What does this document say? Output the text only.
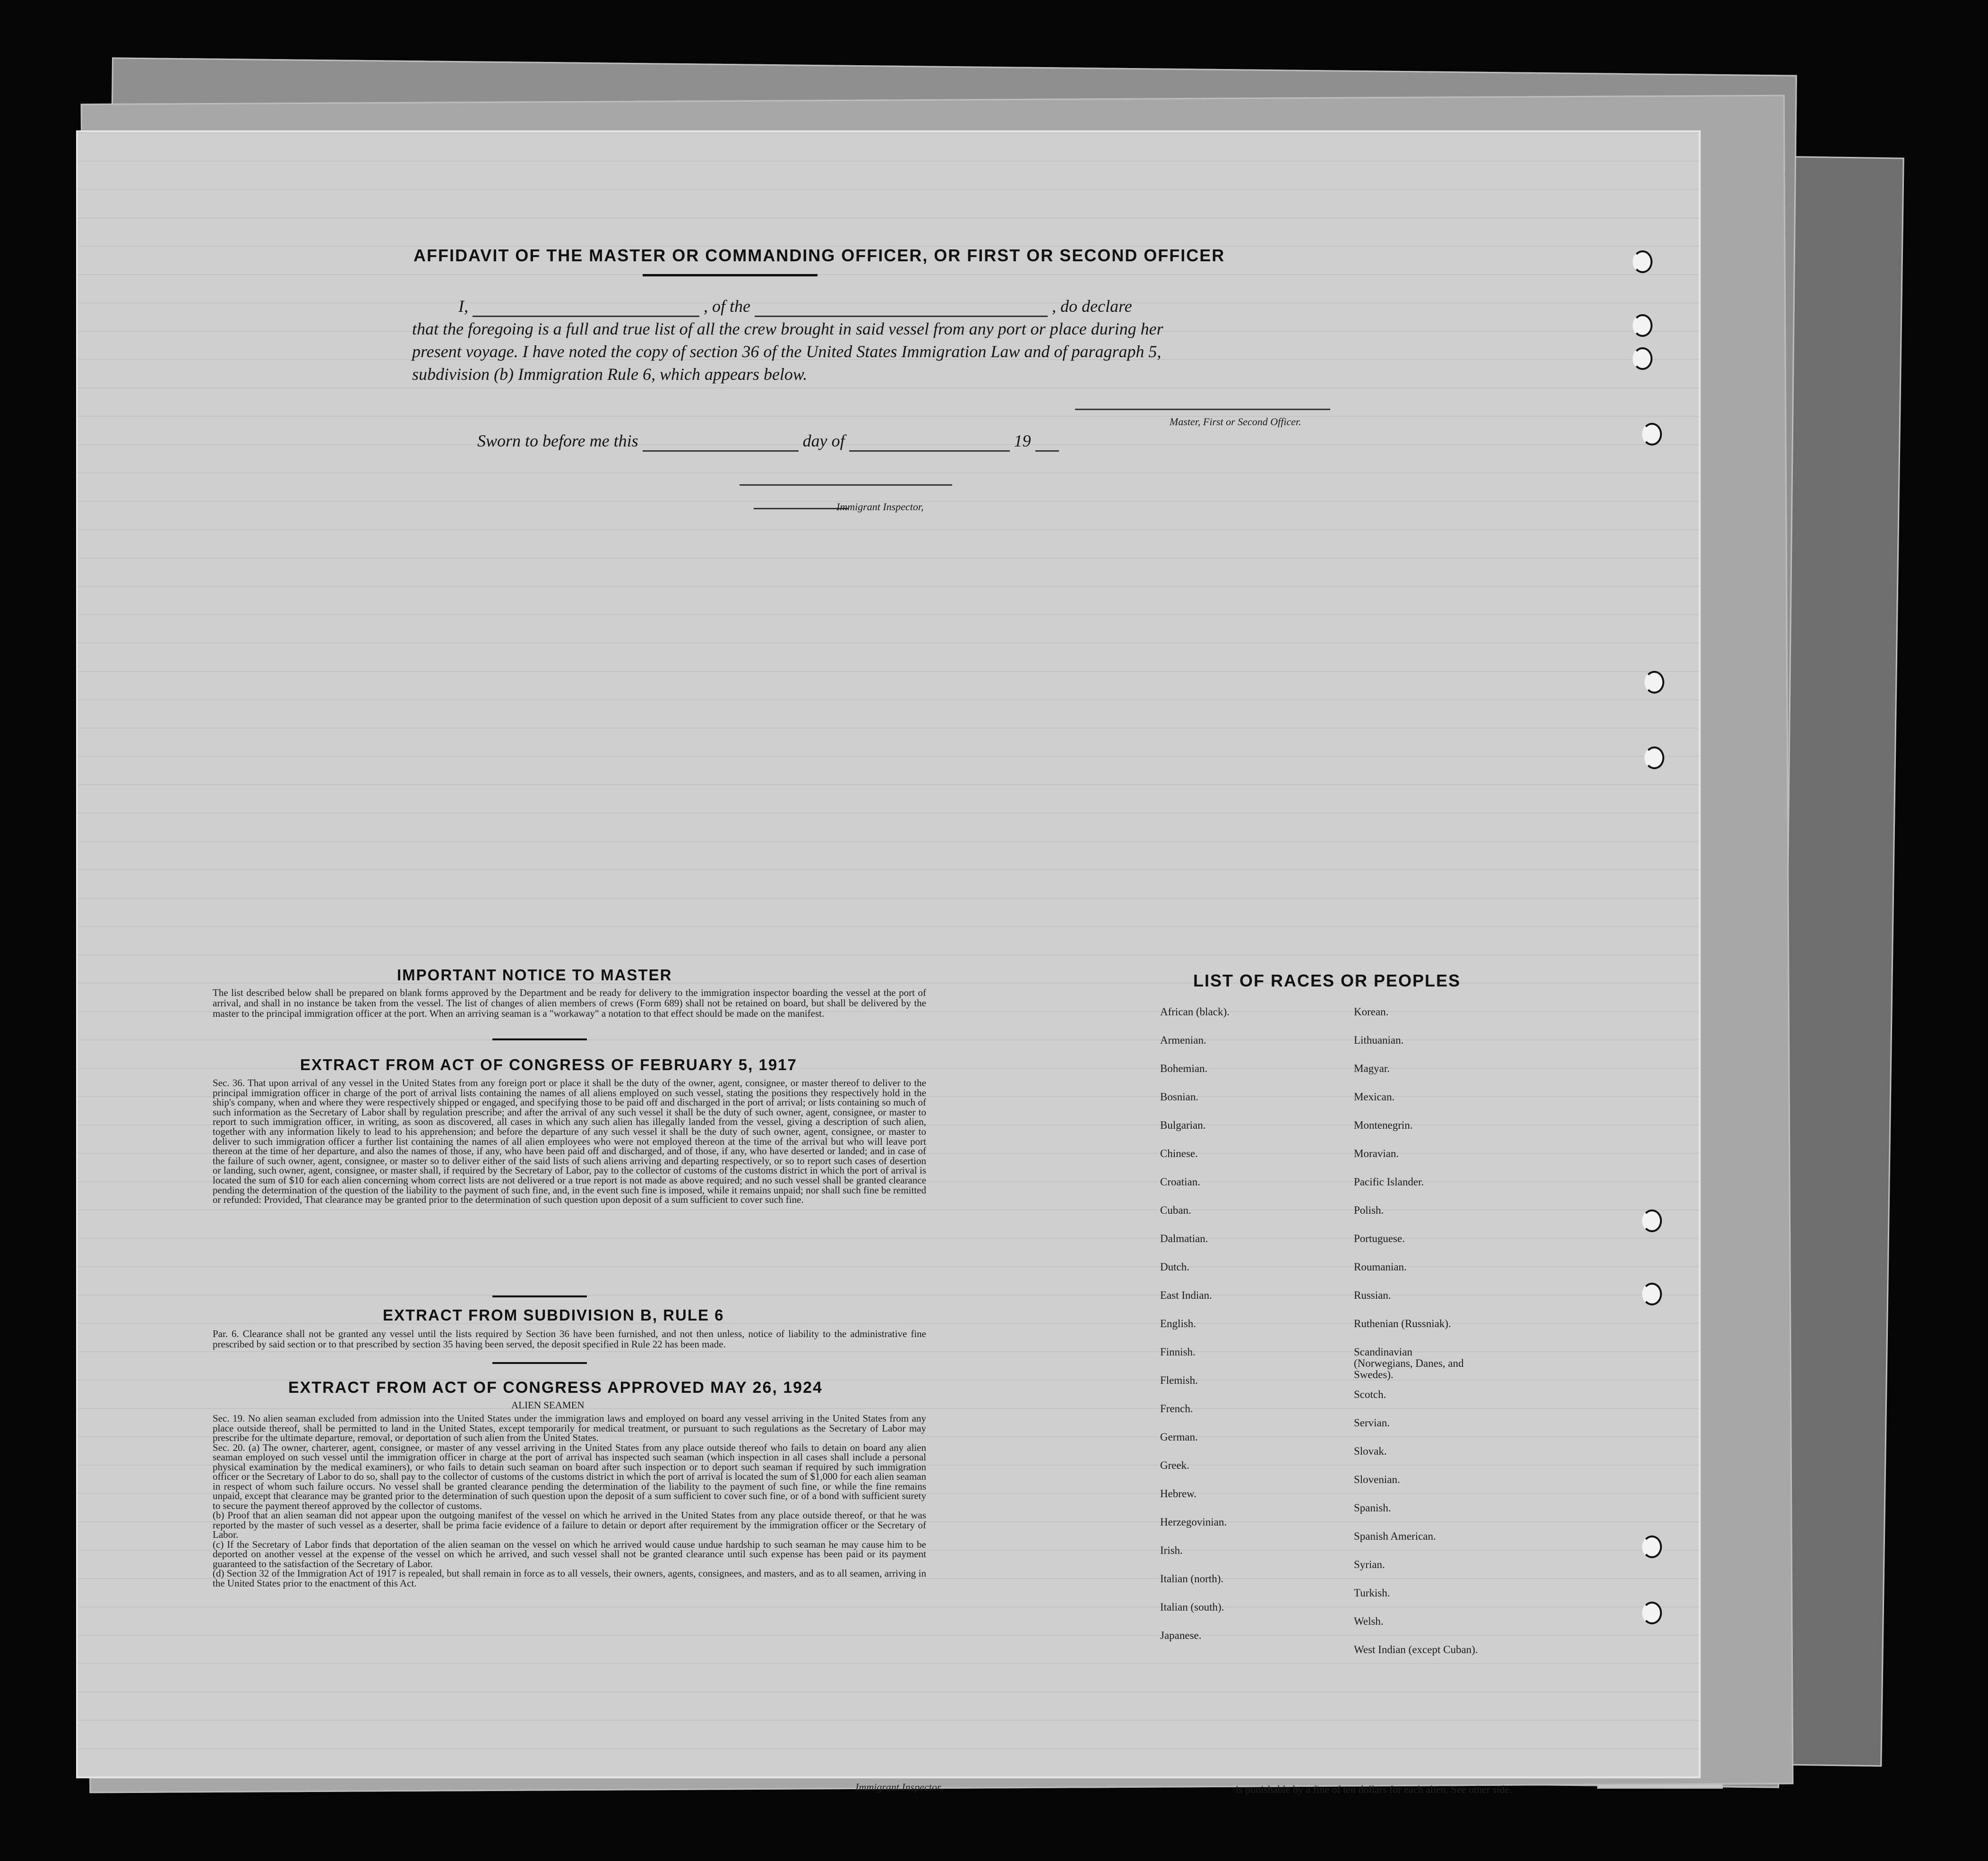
AFFIDAVIT OF THE MASTER OR COMMANDING OFFICER, OR FIRST OR SECOND OFFICER
I,	, of the	, do declare
that the foregoing is a full and true list of all the crew brought in said vessel from any port or place during her
present voyage. I have noted the copy of section 36 of the United States Immigration Law and of paragraph 5,
subdivision (b) Immigration Rule 6, which appears below.
Master, First or Second Officer.
Sworn to before me this	day of	19
Immigrant Inspector,
IMPORTANT NOTICE TO MASTER
The list described below shall be prepared on blank forms approved by the Department and be ready for delivery to the immigration inspector boarding the vessel at the port of arrival, and shall in no instance be taken from the vessel. The list of changes of alien members of crews (Form 689) shall not be retained on board, but shall be delivered by the master to the principal immigration officer at the port. When an arriving seaman is a "workaway" a notation to that effect should be made on the manifest.
EXTRACT FROM ACT OF CONGRESS OF FEBRUARY 5, 1917
Sec. 36. That upon arrival of any vessel in the United States from any foreign port or place it shall be the duty of the owner, agent, consignee, or master thereof to deliver to the principal immigration officer in charge of the port of arrival lists containing the names of all aliens employed on such vessel, stating the positions they respectively hold in the ship's company, when and where they were respectively shipped or engaged, and specifying those to be paid off and discharged in the port of arrival; or lists containing so much of such information as the Secretary of Labor shall by regulation prescribe; and after the arrival of any such vessel it shall be the duty of such owner, agent, consignee, or master to report to such immigration officer, in writing, as soon as discovered, all cases in which any such alien has illegally landed from the vessel, giving a description of such alien, together with any information likely to lead to his apprehension; and before the departure of any such vessel it shall be the duty of such owner, agent, consignee, or master to deliver to such immigration officer a further list containing the names of all alien employees who were not employed thereon at the time of the arrival but who will leave port thereon at the time of her departure, and also the names of those, if any, who have been paid off and discharged, and of those, if any, who have deserted or landed; and in case of the failure of such owner, agent, consignee, or master so to deliver either of the said lists of such aliens arriving and departing respectively, or so to report such cases of desertion or landing, such owner, agent, consignee, or master shall, if required by the Secretary of Labor, pay to the collector of customs of the customs district in which the port of arrival is located the sum of $10 for each alien concerning whom correct lists are not delivered or a true report is not made as above required; and no such vessel shall be granted clearance pending the determination of the question of the liability to the payment of such fine, and, in the event such fine is imposed, while it remains unpaid; nor shall such fine be remitted or refunded: Provided, That clearance may be granted prior to the determination of such question upon deposit of a sum sufficient to cover such fine.
EXTRACT FROM SUBDIVISION B, RULE 6
Par. 6. Clearance shall not be granted any vessel until the lists required by Section 36 have been furnished, and not then unless, notice of liability to the administrative fine prescribed by said section or to that prescribed by section 35 having been served, the deposit specified in Rule 22 has been made.
EXTRACT FROM ACT OF CONGRESS APPROVED MAY 26, 1924
ALIEN SEAMEN
Sec. 19. No alien seaman excluded from admission into the United States under the immigration laws and employed on board any vessel arriving in the United States from any place outside thereof, shall be permitted to land in the United States, except temporarily for medical treatment, or pursuant to such regulations as the Secretary of Labor may prescribe for the ultimate departure, removal, or deportation of such alien from the United States.
Sec. 20. (a) The owner, charterer, agent, consignee, or master of any vessel arriving in the United States from any place outside thereof who fails to detain on board any alien seaman employed on such vessel until the immigration officer in charge at the port of arrival has inspected such seaman (which inspection in all cases shall include a personal physical examination by the medical examiners), or who fails to detain such seaman on board after such inspection or to deport such seaman if required by such immigration officer or the Secretary of Labor to do so, shall pay to the collector of customs of the customs district in which the port of arrival is located the sum of $1,000 for each alien seaman in respect of whom such failure occurs. No vessel shall be granted clearance pending the determination of the liability to the payment of such fine, or while the fine remains unpaid, except that clearance may be granted prior to the determination of such question upon the deposit of a sum sufficient to cover such fine, or of a bond with sufficient surety to secure the payment thereof approved by the collector of customs.
(b) Proof that an alien seaman did not appear upon the outgoing manifest of the vessel on which he arrived in the United States from any place outside thereof, or that he was reported by the master of such vessel as a deserter, shall be prima facie evidence of a failure to detain or deport after requirement by the immigration officer or the Secretary of Labor.
(c) If the Secretary of Labor finds that deportation of the alien seaman on the vessel on which he arrived would cause undue hardship to such seaman he may cause him to be deported on another vessel at the expense of the vessel on which he arrived, and such vessel shall not be granted clearance until such expense has been paid or its payment guaranteed to the satisfaction of the Secretary of Labor.
(d) Section 32 of the Immigration Act of 1917 is repealed, but shall remain in force as to all vessels, their owners, agents, consignees, and masters, and as to all seamen, arriving in the United States prior to the enactment of this Act.
LIST OF RACES OR PEOPLES
African (black).
Armenian.
Bohemian.
Bosnian.
Bulgarian.
Chinese.
Croatian.
Cuban.
Dalmatian.
Dutch.
East Indian.
English.
Finnish.
Flemish.
French.
German.
Greek.
Hebrew.
Herzegovinian.
Irish.
Italian (north).
Italian (south).
Japanese.
Korean.
Lithuanian.
Magyar.
Mexican.
Montenegrin.
Moravian.
Pacific Islander.
Polish.
Portuguese.
Roumanian.
Russian.
Ruthenian (Russniak).
Scandinavian (Norwegians, Danes, and Swedes).
Scotch.
Servian.
Slovak.
Slovenian.
Spanish.
Spanish American.
Syrian.
Turkish.
Welsh.
West Indian (except Cuban).
Immigrant Inspector.	is punishable by a fine of ten dollars for each alien. See other side.
